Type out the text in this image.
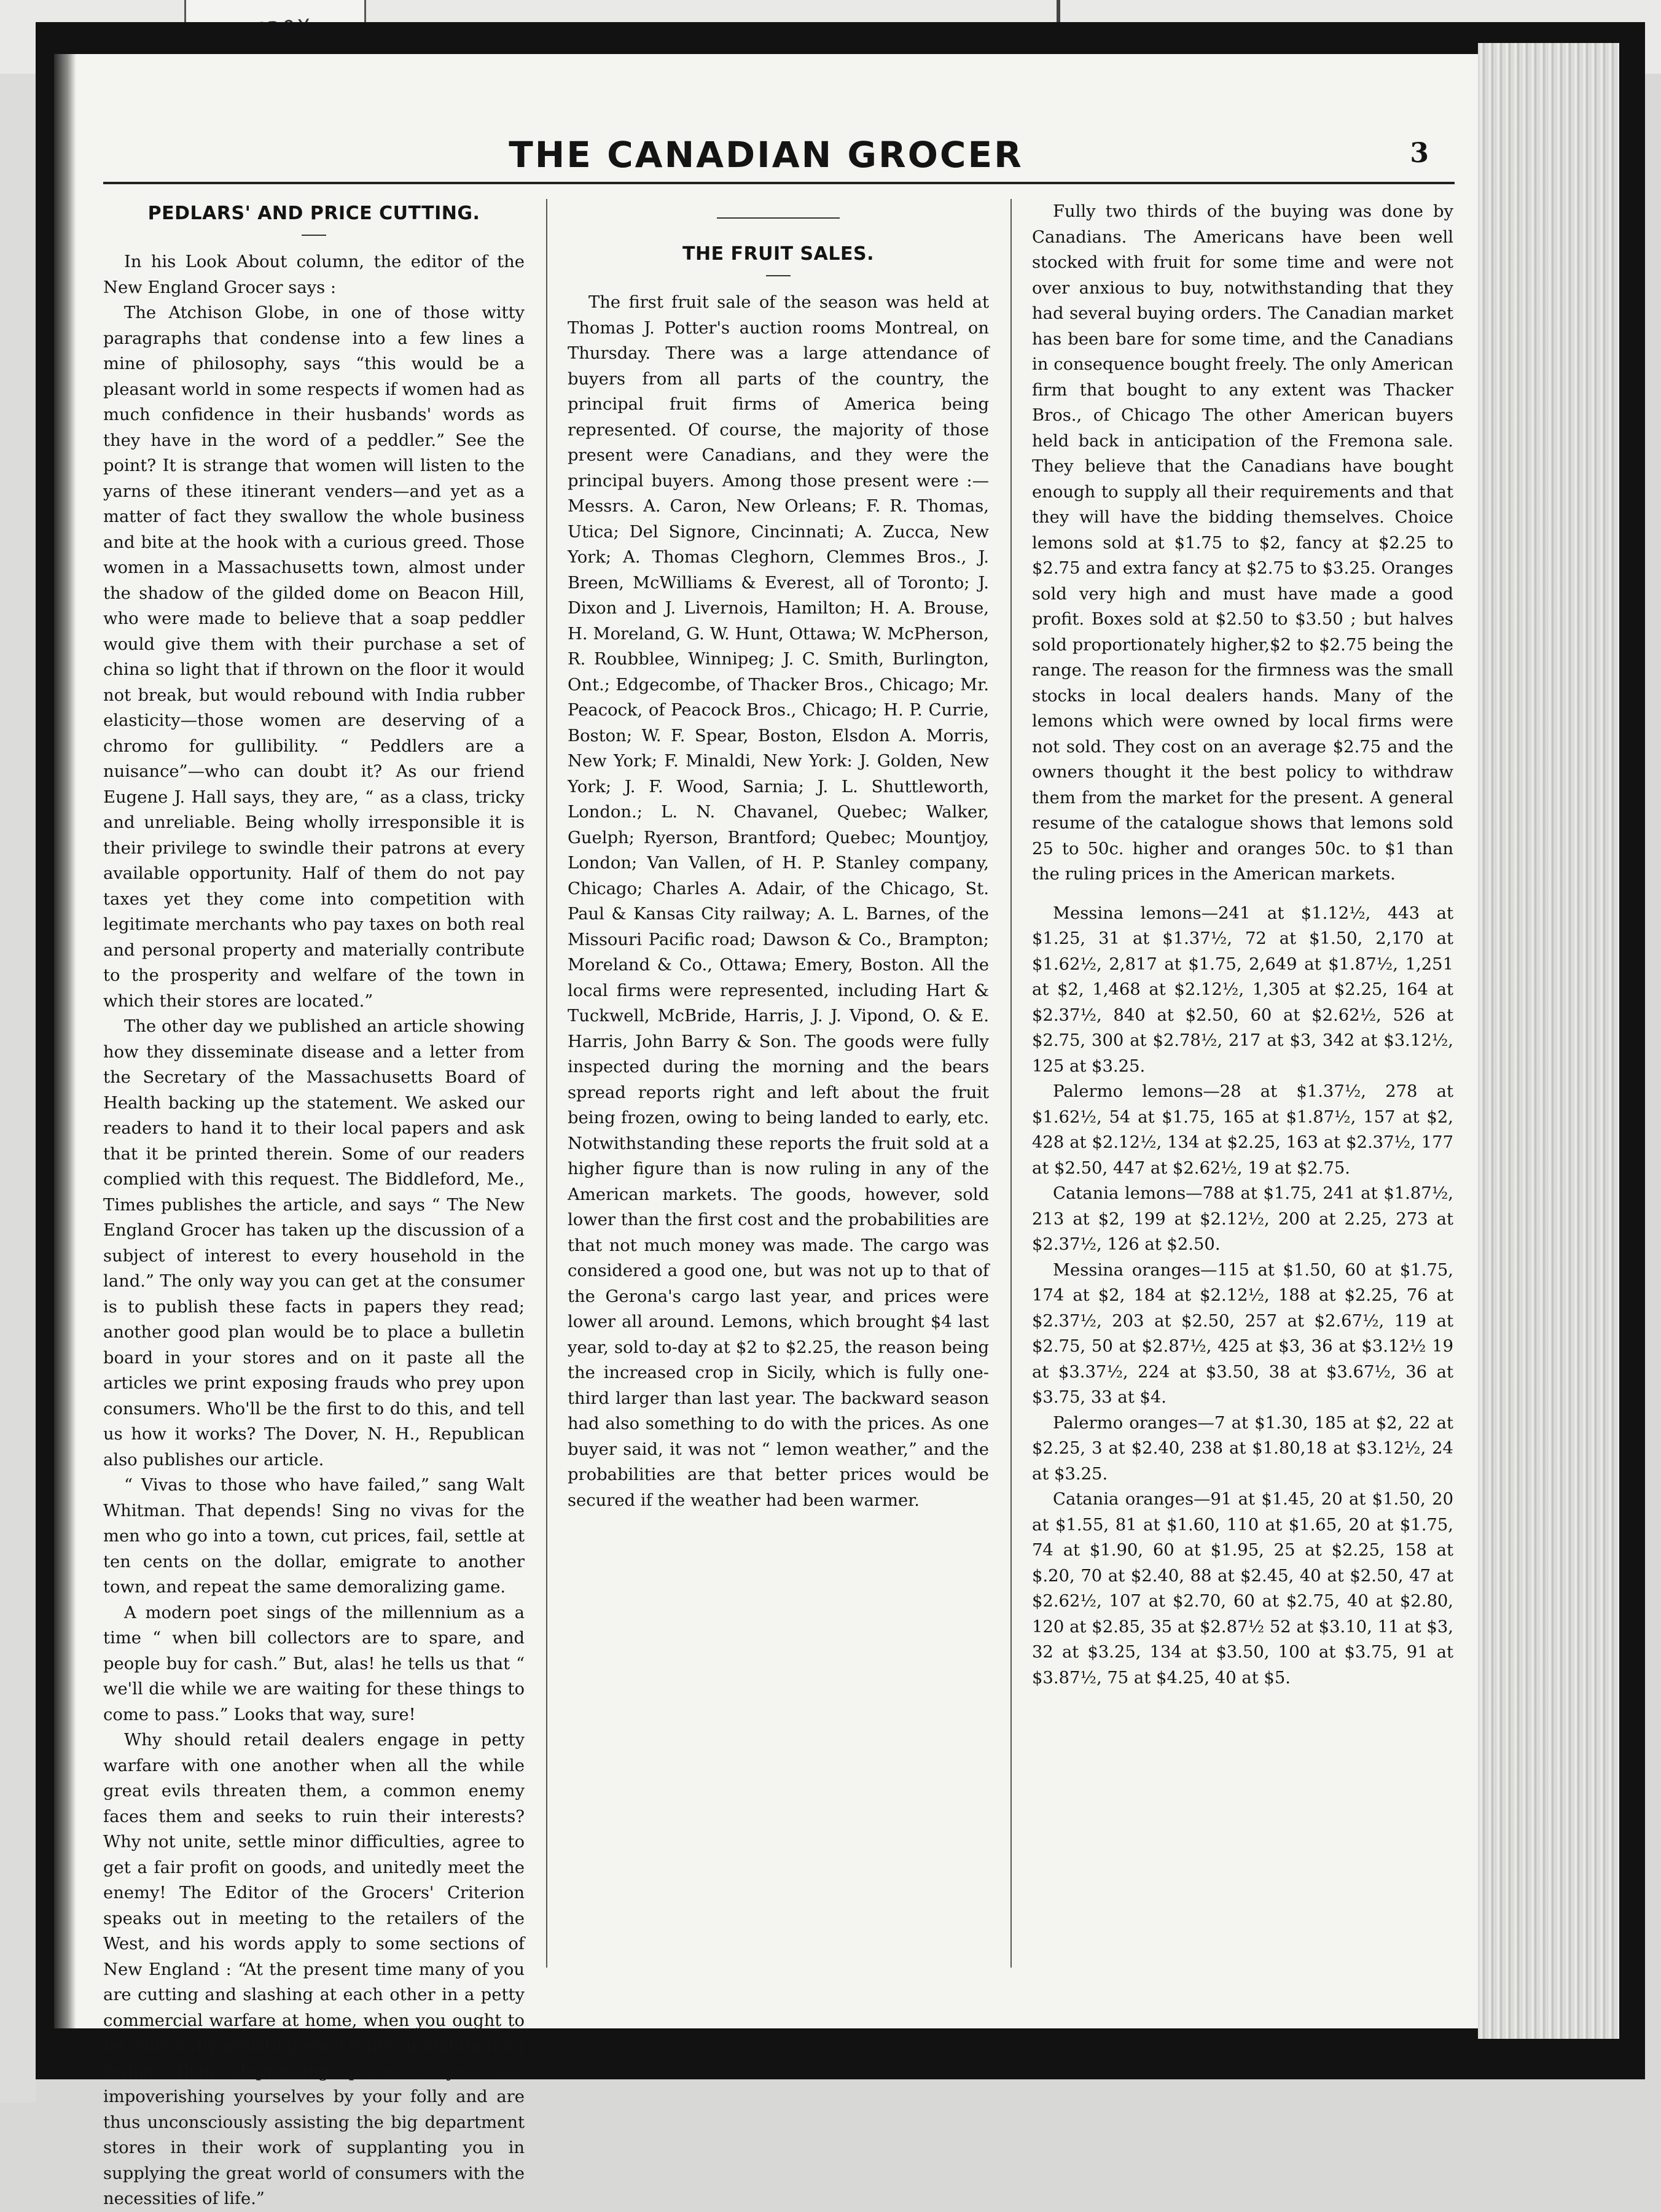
THE CANADIAN GROCER	3
PEDLARS' AND PRICE CUTTING.

In his Look About column, the editor of the New England Grocer says :

The Atchison Globe, in one of those witty paragraphs that condense into a few lines a mine of philosophy, says “this would be a pleasant world in some respects if women had as much confidence in their husbands' words as they have in the word of a peddler.” See the point? It is strange that women will listen to the yarns of these itinerant venders—and yet as a matter of fact they swallow the whole business and bite at the hook with a curious greed. Those women in a Massachusetts town, almost under the shadow of the gilded dome on Beacon Hill, who were made to believe that a soap peddler would give them with their purchase a set of china so light that if thrown on the floor it would not break, but would rebound with India rubber elasticity—those women are deserving of a chromo for gullibility. “ Peddlers are a nuisance”—who can doubt it? As our friend Eugene J. Hall says, they are, “ as a class, tricky and unreliable. Being wholly irresponsible it is their privilege to swindle their patrons at every available opportunity. Half of them do not pay taxes yet they come into competition with legitimate merchants who pay taxes on both real and personal property and materially contribute to the prosperity and welfare of the town in which their stores are located.”

The other day we published an article showing how they disseminate disease and a letter from the Secretary of the Massachusetts Board of Health backing up the statement. We asked our readers to hand it to their local papers and ask that it be printed therein. Some of our readers complied with this request. The Biddleford, Me., Times publishes the article, and says “ The New England Grocer has taken up the discussion of a subject of interest to every household in the land.” The only way you can get at the consumer is to publish these facts in papers they read; another good plan would be to place a bulletin board in your stores and on it paste all the articles we print exposing frauds who prey upon consumers. Who'll be the first to do this, and tell us how it works? The Dover, N. H., Republican also publishes our article.

“ Vivas to those who have failed,” sang Walt Whitman. That depends! Sing no vivas for the men who go into a town, cut prices, fail, settle at ten cents on the dollar, emigrate to another town, and repeat the same demoralizing game.

A modern poet sings of the millennium as a time “ when bill collectors are to spare, and people buy for cash.” But, alas! he tells us that “ we'll die while we are waiting for these things to come to pass.” Looks that way, sure!

Why should retail dealers engage in petty warfare with one another when all the while great evils threaten them, a common enemy faces them and seeks to ruin their interests? Why not unite, settle minor difficulties, agree to get a fair profit on goods, and unitedly meet the enemy! The Editor of the Grocers' Criterion speaks out in meeting to the retailers of the West, and his words apply to some sections of New England : “At the present time many of you are cutting and slashing at each other in a petty commercial warfare at home, when you ought to be constantly assisting each other in maintaining rather than depressing prices ; you are impoverishing yourselves by your folly and are thus unconsciously assisting the big department stores in their work of supplanting you in supplying the great world of consumers with the necessities of life.”

THE FRUIT SALES.

The first fruit sale of the season was held at Thomas J. Potter's auction rooms Montreal, on Thursday. There was a large attendance of buyers from all parts of the country, the principal fruit firms of America being represented. Of course, the majority of those present were Canadians, and they were the principal buyers. Among those present were :—Messrs. A. Caron, New Orleans; F. R. Thomas, Utica; Del Signore, Cincinnati; A. Zucca, New York; A. Thomas Cleghorn, Clemmes Bros., J. Breen, McWilliams & Everest, all of Toronto; J. Dixon and J. Livernois, Hamilton; H. A. Brouse, H. Moreland, G. W. Hunt, Ottawa; W. McPherson, R. Roubblee, Winnipeg; J. C. Smith, Burlington, Ont.; Edgecombe, of Thacker Bros., Chicago; Mr. Peacock, of Peacock Bros., Chicago; H. P. Currie, Boston; W. F. Spear, Boston, Elsdon A. Morris, New York; F. Minaldi, New York: J. Golden, New York; J. F. Wood, Sarnia; J. L. Shuttleworth, London.; L. N. Chavanel, Quebec; Walker, Guelph; Ryerson, Brantford; Quebec; Mountjoy, London; Van Vallen, of H. P. Stanley company, Chicago; Charles A. Adair, of the Chicago, St. Paul & Kansas City railway; A. L. Barnes, of the Missouri Pacific road; Dawson & Co., Brampton; Moreland & Co., Ottawa; Emery, Boston. All the local firms were represented, including Hart & Tuckwell, McBride, Harris, J. J. Vipond, O. & E. Harris, John Barry & Son. The goods were fully inspected during the morning and the bears spread reports right and left about the fruit being frozen, owing to being landed to early, etc. Notwithstanding these reports the fruit sold at a higher figure than is now ruling in any of the American markets. The goods, however, sold lower than the first cost and the probabilities are that not much money was made. The cargo was considered a good one, but was not up to that of the Gerona's cargo last year, and prices were lower all around. Lemons, which brought $4 last year, sold to-day at $2 to $2.25, the reason being the increased crop in Sicily, which is fully one-third larger than last year. The backward season had also something to do with the prices. As one buyer said, it was not “ lemon weather,” and the probabilities are that better prices would be secured if the weather had been warmer.

Fully two thirds of the buying was done by Canadians. The Americans have been well stocked with fruit for some time and were not over anxious to buy, notwithstanding that they had several buying orders. The Canadian market has been bare for some time, and the Canadians in consequence bought freely. The only American firm that bought to any extent was Thacker Bros., of Chicago The other American buyers held back in anticipation of the Fremona sale. They believe that the Canadians have bought enough to supply all their requirements and that they will have the bidding themselves. Choice lemons sold at $1.75 to $2, fancy at $2.25 to $2.75 and extra fancy at $2.75 to $3.25. Oranges sold very high and must have made a good profit. Boxes sold at $2.50 to $3.50 ; but halves sold proportionately higher,$2 to $2.75 being the range. The reason for the firmness was the small stocks in local dealers hands. Many of the lemons which were owned by local firms were not sold. They cost on an average $2.75 and the owners thought it the best policy to withdraw them from the market for the present. A general resume of the catalogue shows that lemons sold 25 to 50c. higher and oranges 50c. to $1 than the ruling prices in the American markets.

Messina lemons—241 at $1.12½, 443 at $1.25, 31 at $1.37½, 72 at $1.50, 2,170 at $1.62½, 2,817 at $1.75, 2,649 at $1.87½, 1,251 at $2, 1,468 at $2.12½, 1,305 at $2.25, 164 at $2.37½, 840 at $2.50, 60 at $2.62½, 526 at $2.75, 300 at $2.78½, 217 at $3, 342 at $3.12½, 125 at $3.25.

Palermo lemons—28 at $1.37½, 278 at $1.62½, 54 at $1.75, 165 at $1.87½, 157 at $2, 428 at $2.12½, 134 at $2.25, 163 at $2.37½, 177 at $2.50, 447 at $2.62½, 19 at $2.75.

Catania lemons—788 at $1.75, 241 at $1.87½, 213 at $2, 199 at $2.12½, 200 at 2.25, 273 at $2.37½, 126 at $2.50.

Messina oranges—115 at $1.50, 60 at $1.75, 174 at $2, 184 at $2.12½, 188 at $2.25, 76 at $2.37½, 203 at $2.50, 257 at $2.67½, 119 at $2.75, 50 at $2.87½, 425 at $3, 36 at $3.12½ 19 at $3.37½, 224 at $3.50, 38 at $3.67½, 36 at $3.75, 33 at $4.

Palermo oranges—7 at $1.30, 185 at $2, 22 at $2.25, 3 at $2.40, 238 at $1.80,18 at $3.12½, 24 at $3.25.

Catania oranges—91 at $1.45, 20 at $1.50, 20 at $1.55, 81 at $1.60, 110 at $1.65, 20 at $1.75, 74 at $1.90, 60 at $1.95, 25 at $2.25, 158 at $.20, 70 at $2.40, 88 at $2.45, 40 at $2.50, 47 at $2.62½, 107 at $2.70, 60 at $2.75, 40 at $2.80, 120 at $2.85, 35 at $2.87½ 52 at $3.10, 11 at $3, 32 at $3.25, 134 at $3.50, 100 at $3.75, 91 at $3.87½, 75 at $4.25, 40 at $5.
